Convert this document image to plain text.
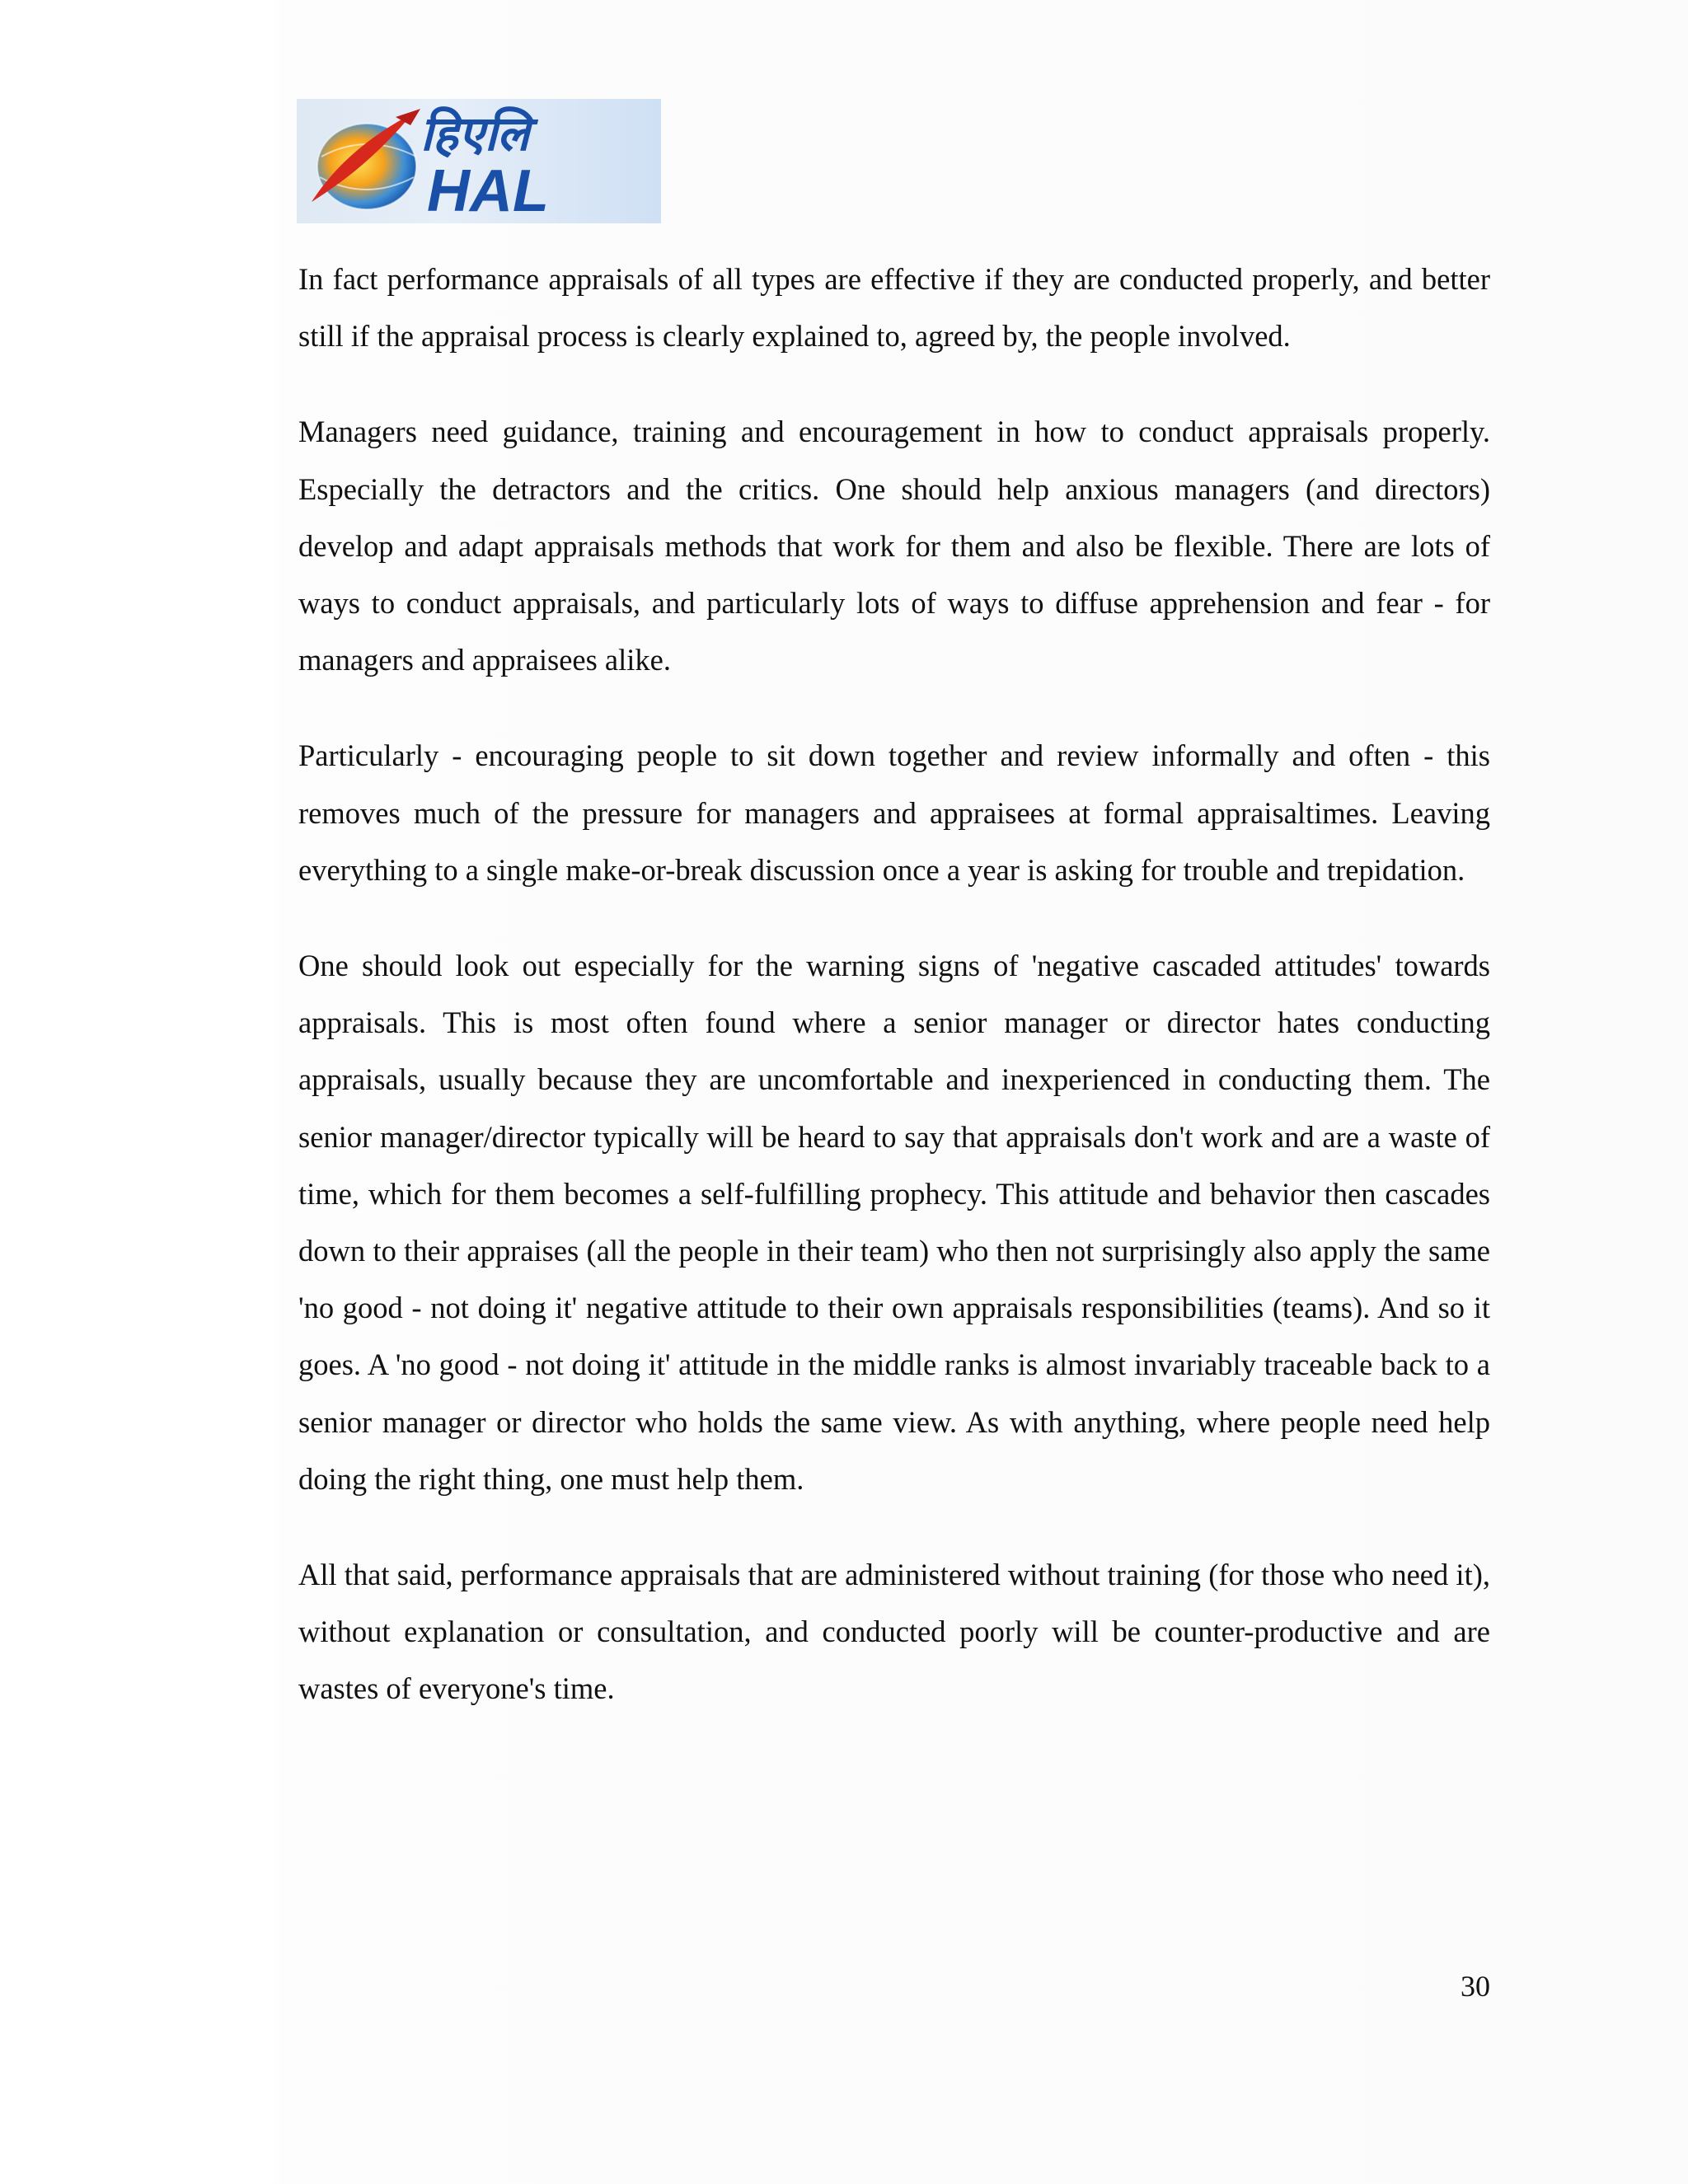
हिएलि
HAL

In fact performance appraisals of all types are effective if they are conducted properly, and better still if the appraisal process is clearly explained to, agreed by, the people involved.

Managers need guidance, training and encouragement in how to conduct appraisals properly. Especially the detractors and the critics. One should help anxious managers (and directors) develop and adapt appraisals methods that work for them and also be flexible. There are lots of ways to conduct appraisals, and particularly lots of ways to diffuse apprehension and fear - for managers and appraisees alike.

Particularly - encouraging people to sit down together and review informally and often - this removes much of the pressure for managers and appraisees at formal appraisaltimes. Leaving everything to a single make-or-break discussion once a year is asking for trouble and trepidation.

One should look out especially for the warning signs of 'negative cascaded attitudes' towards appraisals. This is most often found where a senior manager or director hates conducting appraisals, usually because they are uncomfortable and inexperienced in conducting them. The senior manager/director typically will be heard to say that appraisals don't work and are a waste of time, which for them becomes a self-fulfilling prophecy. This attitude and behavior then cascades down to their appraises (all the people in their team) who then not surprisingly also apply the same 'no good - not doing it' negative attitude to their own appraisals responsibilities (teams). And so it goes. A 'no good - not doing it' attitude in the middle ranks is almost invariably traceable back to a senior manager or director who holds the same view. As with anything, where people need help doing the right thing, one must help them.

All that said, performance appraisals that are administered without training (for those who need it), without explanation or consultation, and conducted poorly will be counter-productive and are wastes of everyone's time.

30
